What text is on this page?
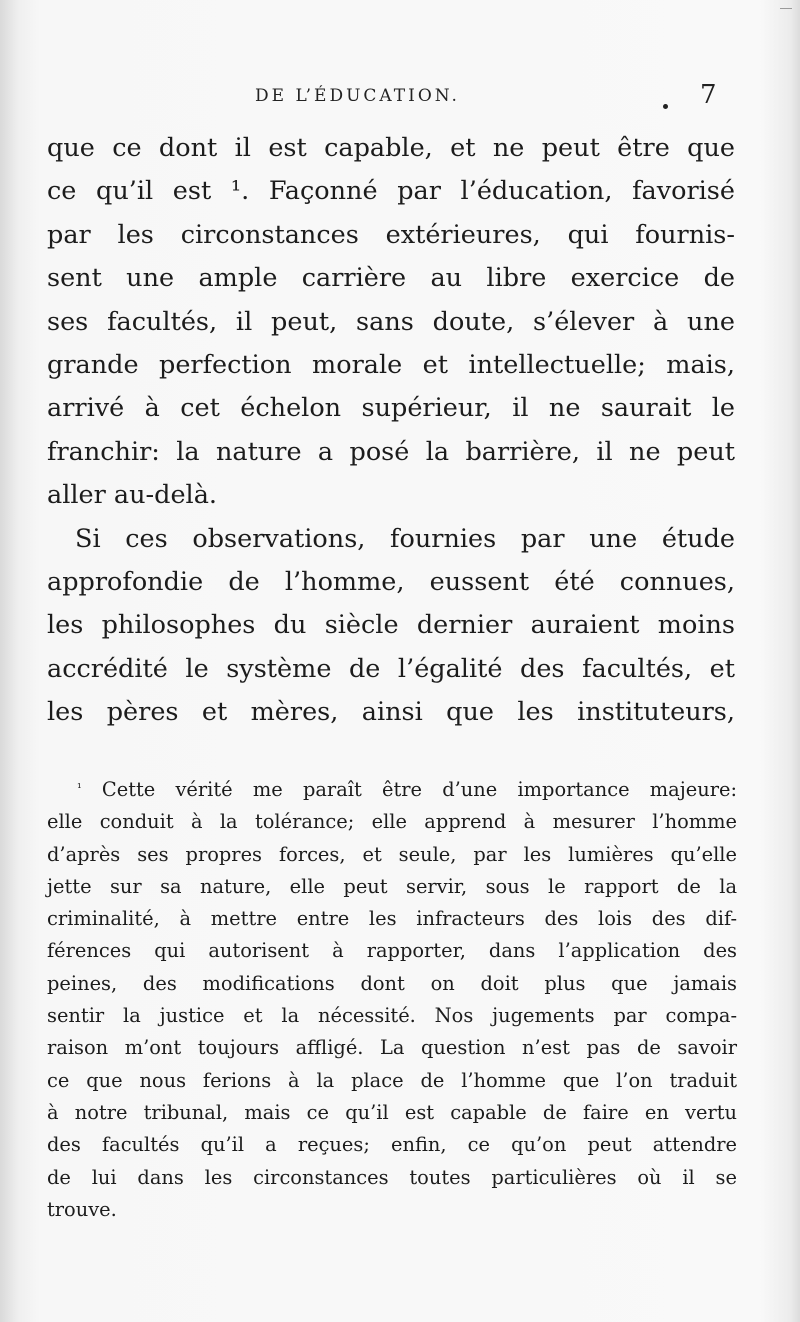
DE L’ÉDUCATION.	7
que ce dont il est capable, et ne peut être que
ce qu’il est ¹. Façonné par l’éducation, favorisé
par les circonstances extérieures, qui fournis-
sent une ample carrière au libre exercice de
ses facultés, il peut, sans doute, s’élever à une
grande perfection morale et intellectuelle; mais,
arrivé à cet échelon supérieur, il ne saurait le
franchir: la nature a posé la barrière, il ne peut
aller au-delà.
Si ces observations, fournies par une étude
approfondie de l’homme, eussent été connues,
les philosophes du siècle dernier auraient moins
accrédité le système de l’égalité des facultés, et
les pères et mères, ainsi que les instituteurs,
$^{^1}$ Cette vérité me paraît être d’une importance majeure:
elle conduit à la tolérance; elle apprend à mesurer l’homme
d’après ses propres forces, et seule, par les lumières qu’elle
jette sur sa nature, elle peut servir, sous le rapport de la
criminalité, à mettre entre les infracteurs des lois des dif-
férences qui autorisent à rapporter, dans l’application des
peines, des modifications dont on doit plus que jamais
sentir la justice et la nécessité. Nos jugements par compa-
raison m’ont toujours affligé. La question n’est pas de savoir
ce que nous ferions à la place de l’homme que l’on traduit
à notre tribunal, mais ce qu’il est capable de faire en vertu
des facultés qu’il a reçues; enfin, ce qu’on peut attendre
de lui dans les circonstances toutes particulières où il se
trouve.
